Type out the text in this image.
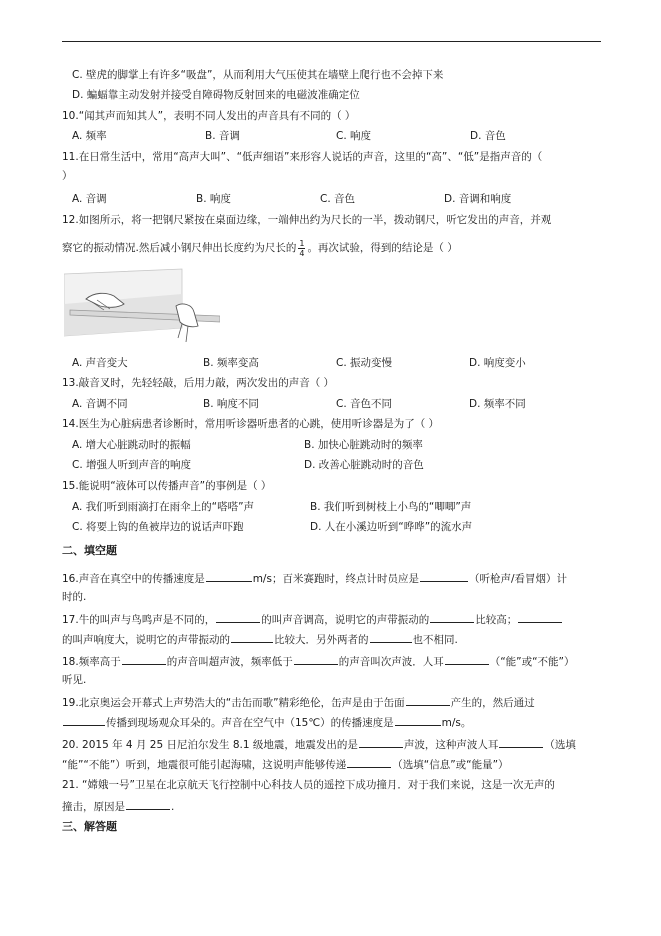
C. 壁虎的脚掌上有许多“吸盘”，从而利用大气压使其在墙壁上爬行也不会掉下来
D. 蝙蝠靠主动发射并接受自障碍物反射回来的电磁波准确定位
10.“闻其声而知其人”，表明不同人发出的声音具有不同的（ ）
A. 频率	B. 音调	C. 响度	D. 音色
11.在日常生活中，常用“高声大叫”、“低声细语”来形容人说话的声音，这里的“高”、“低”是指声音的（
）
A. 音调	B. 响度	C. 音色	D. 音调和响度
12.如图所示，将一把钢尺紧按在桌面边缘，一端伸出约为尺长的一半，拨动钢尺，听它发出的声音，并观
察它的振动情况.然后减小钢尺伸出长度约为尺长的 $\frac{1}{4}$ 。再次试验，得到的结论是（ ）
A. 声音变大	B. 频率变高	C. 振动变慢	D. 响度变小
13.敲音叉时，先轻轻敲，后用力敲，两次发出的声音（ ）
A. 音调不同	B. 响度不同	C. 音色不同	D. 频率不同
14.医生为心脏病患者诊断时，常用听诊器听患者的心跳，使用听诊器是为了（ ）
A. 增大心脏跳动时的振幅	B. 加快心脏跳动时的频率
C. 增强人听到声音的响度	D. 改善心脏跳动时的音色
15.能说明“液体可以传播声音”的事例是（ ）
A. 我们听到雨滴打在雨伞上的“嗒嗒”声	B. 我们听到树枝上小鸟的“唧唧”声
C. 将要上钩的鱼被岸边的说话声吓跑	D. 人在小溪边听到“哗哗”的流水声
二、填空题
16.声音在真空中的传播速度是	m/s；百米赛跑时，终点计时员应是	（听枪声/看冒烟）计
时的.
17.牛的叫声与鸟鸣声是不同的，	的叫声音调高，说明它的声带振动的	比较高；
的叫声响度大，说明它的声带振动的	比较大．另外两者的	也不相同.
18.频率高于	的声音叫超声波，频率低于	的声音叫次声波．人耳	（“能”或“不能”）
听见.
19.北京奥运会开幕式上声势浩大的“击缶而歌”精彩绝伦，缶声是由于缶面	产生的，然后通过
传播到现场观众耳朵的。声音在空气中（15℃）的传播速度是	m/s。
20. 2015 年 4 月 25 日尼泊尔发生 8.1 级地震，地震发出的是	声波，这种声波人耳	（选填
“能”“不能”）听到，地震很可能引起海啸，这说明声能够传递	（选填“信息”或“能量”）
21. “嫦娥一号”卫星在北京航天飞行控制中心科技人员的遥控下成功撞月．对于我们来说，这是一次无声的
撞击，原因是	.
三、解答题
